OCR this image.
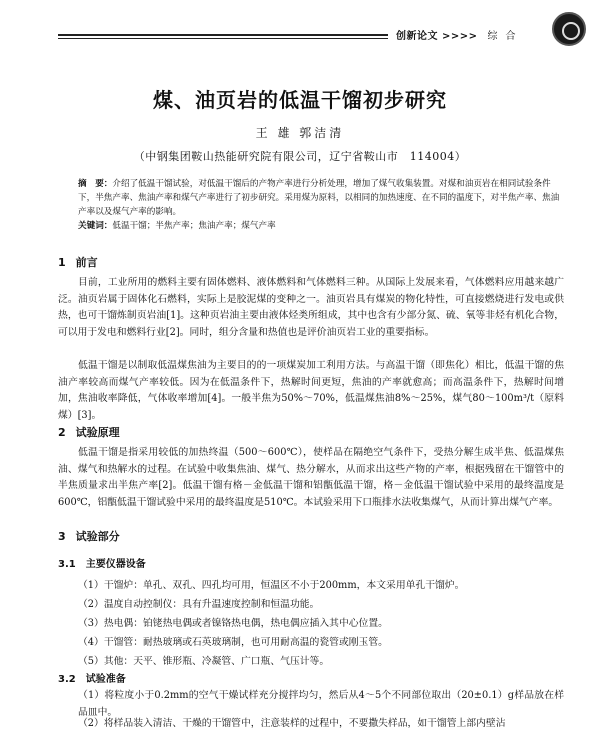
创新论文 >>>> 综合
煤、油页岩的低温干馏初步研究
王 雄 郭洁清
（中钢集团鞍山热能研究院有限公司，辽宁省鞍山市　114004）
摘　要：介绍了低温干馏试验，对低温干馏后的产物产率进行分析处理，增加了煤气收集装置。对煤和油页岩在相同试验条件下，半焦产率、焦油产率和煤气产率进行了初步研究。采用煤为原料，以相同的加热速度、在不同的温度下，对半焦产率、焦油产率以及煤气产率的影响。
关键词：低温干馏；半焦产率；焦油产率；煤气产率
1 前言
目前，工业所用的燃料主要有固体燃料、液体燃料和气体燃料三种。从国际上发展来看，气体燃料应用越来越广泛。油页岩属于固体化石燃料，实际上是胶泥煤的变种之一。油页岩具有煤炭的物化特性，可直接燃烧进行发电或供热，也可干馏炼制页岩油[1]。这种页岩油主要由液体烃类所组成，其中也含有少部分氮、硫、氧等非烃有机化合物，可以用于发电和燃料行业[2]。同时，组分含量和热值也是评价油页岩工业的重要指标。
低温干馏是以制取低温煤焦油为主要目的的一项煤炭加工利用方法。与高温干馏（即焦化）相比，低温干馏的焦油产率较高而煤气产率较低。因为在低温条件下，热解时间更短，焦油的产率就愈高；而高温条件下，热解时间增加，焦油收率降低，气体收率增加[4]。一般半焦为50%～70%，低温煤焦油8%～25%，煤气80～100m³/t（原料煤）[3]。
2 试验原理
低温干馏是指采用较低的加热终温（500～600℃），使样品在隔绝空气条件下，受热分解生成半焦、低温煤焦油、煤气和热解水的过程。在试验中收集焦油、煤气、热分解水，从而求出这些产物的产率，根据残留在干馏管中的半焦质量求出半焦产率[2]。低温干馏有格－金低温干馏和铝甑低温干馏，格－金低温干馏试验中采用的最终温度是600℃，铝甑低温干馏试验中采用的最终温度是510℃。本试验采用下口瓶排水法收集煤气，从而计算出煤气产率。
3 试验部分
3.1 主要仪器设备
（1）干馏炉：单孔、双孔、四孔均可用，恒温区不小于200mm，本文采用单孔干馏炉。
（2）温度自动控制仪：具有升温速度控制和恒温功能。
（3）热电偶：铂铑热电偶或者镍铬热电偶，热电偶应插入其中心位置。
（4）干馏管：耐热玻璃或石英玻璃制，也可用耐高温的瓷管或刚玉管。
（5）其他：天平、锥形瓶、冷凝管、广口瓶、气压计等。
3.2 试验准备
（1）将粒度小于0.2mm的空气干燥试样充分搅拌均匀，然后从4～5个不同部位取出（20±0.1）g样品放在样品皿中。
（2）将样品装入清洁、干燥的干馏管中，注意装样的过程中，不要撒失样品，如干馏管上部内壁沾
